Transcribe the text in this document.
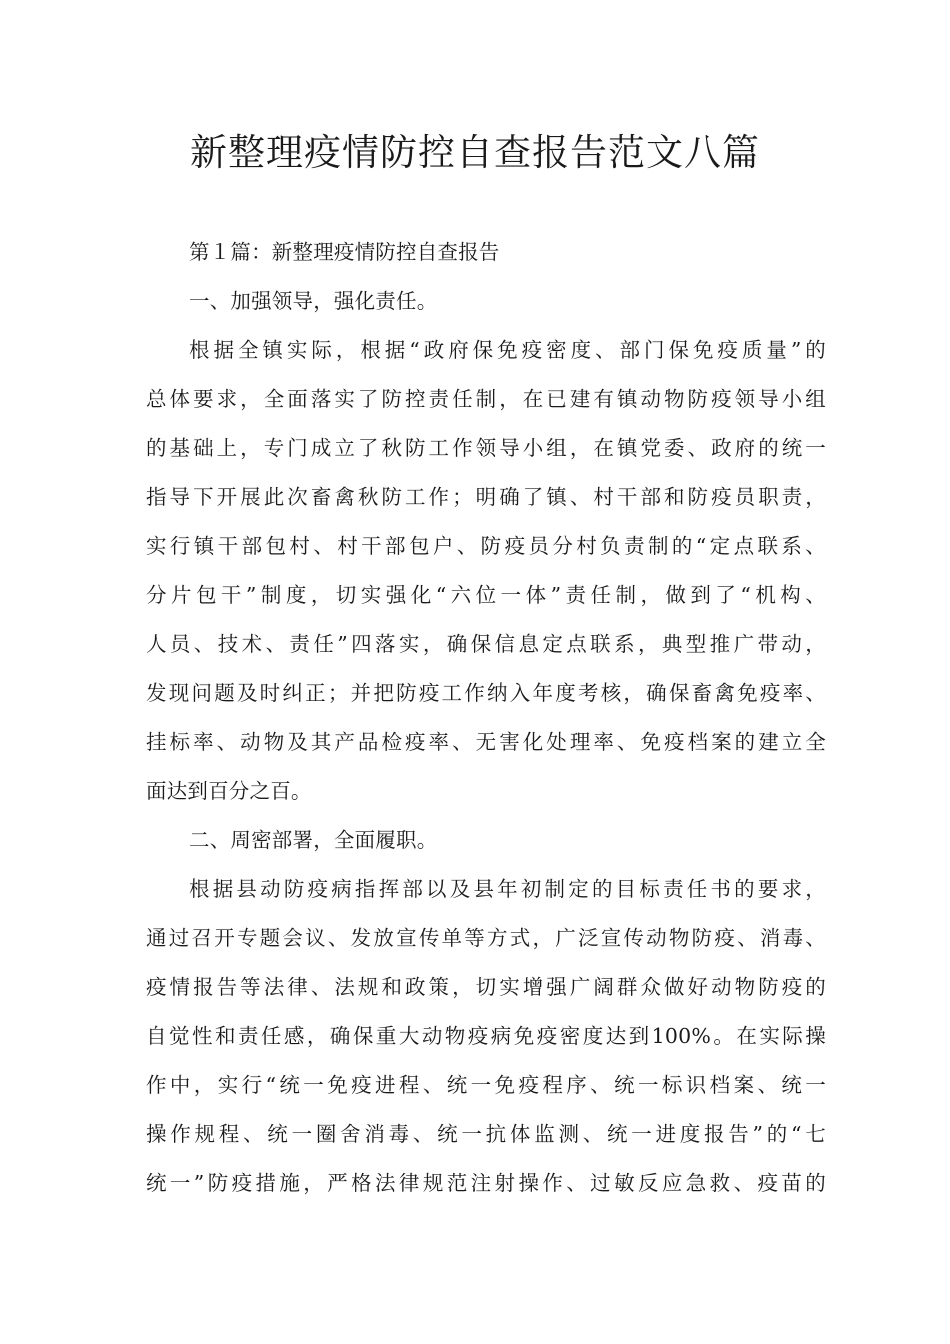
新整理疫情防控自查报告范文八篇
第１篇：新整理疫情防控自查报告
一、加强领导，强化责任。
根据全镇实际，根据“政府保免疫密度、部门保免疫质量”的
总体要求，全面落实了防控责任制，在已建有镇动物防疫领导小组
的基础上，专门成立了秋防工作领导小组，在镇党委、政府的统一
指导下开展此次畜禽秋防工作；明确了镇、村干部和防疫员职责，
实行镇干部包村、村干部包户、防疫员分村负责制的“定点联系、
分片包干”制度，切实强化“六位一体”责任制，做到了“机构、
人员、技术、责任”四落实，确保信息定点联系，典型推广带动，
发现问题及时纠正；并把防疫工作纳入年度考核，确保畜禽免疫率、
挂标率、动物及其产品检疫率、无害化处理率、免疫档案的建立全
面达到百分之百。
二、周密部署，全面履职。
根据县动防疫病指挥部以及县年初制定的目标责任书的要求，
通过召开专题会议、发放宣传单等方式，广泛宣传动物防疫、消毒、
疫情报告等法律、法规和政策，切实增强广阔群众做好动物防疫的
自觉性和责任感，确保重大动物疫病免疫密度达到100%。在实际操
作中，实行“统一免疫进程、统一免疫程序、统一标识档案、统一
操作规程、统一圈舍消毒、统一抗体监测、统一进度报告”的“七
统一”防疫措施，严格法律规范注射操作、过敏反应急救、疫苗的
